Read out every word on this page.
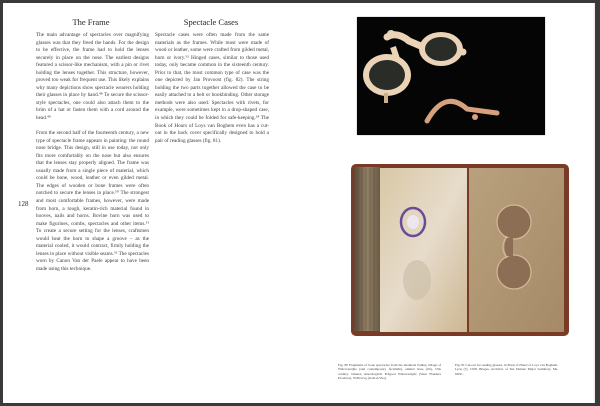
The Frame

The main advantage of spectacles over magnifying glasses was that they freed the hands. For the design to be effective, the frame had to hold the lenses securely in place on the nose. The earliest designs featured a scissor-like mechanism, with a pin or rivet holding the lenses together. This structure, however, proved too weak for frequent use. This likely explains why many depictions show spectacle wearers holding their glasses in place by hand.⁴⁸ To secure the scissor-style spectacles, one could also attach them to the brim of a hat or fasten them with a cord around the head.⁴⁹

From the second half of the fourteenth century, a new type of spectacle frame appears in painting: the round nose bridge. This design, still in use today, not only fits more comfortably on the nose but also ensures that the lenses stay properly aligned. The frame was usually made from a single piece of material, which could be bone, wood, leather or even gilded metal. The edges of wooden or bone frames were often notched to secure the lenses in place.⁵⁰ The strongest and most comfortable frames, however, were made from horn, a tough, keratin-rich material found in hooves, nails and horns. Bovine horn was used to make figurines, combs, spectacles and other items.⁵¹ To create a secure setting for the lenses, craftsmen would heat the horn to shape a groove – as the material cooled, it would contract, firmly holding the lenses in place without visible seams.⁵² The spectacles worn by Canon Van der Paele appear to have been made using this technique.

128
Spectacle Cases

Spectacle cases were often made from the same materials as the frames. While most were made of wood or leather, some were crafted from gilded metal, horn or ivory.⁵³ Hinged cases, similar to those used today, only became common in the sixteenth century. Prior to that, the most common type of case was the one depicted by Jan Provoost (fig. 82). The string holding the two parts together allowed the case to be easily attached to a belt or bookbinding. Other storage methods were also used. Spectacles with rivets, for example, were sometimes kept in a drop-shaped case, in which they could be folded for safe-keeping.⁵⁴ The Book of Hours of Loys van Boghem even has a cut-out in the back cover specifically designed to hold a pair of reading glasses (fig. 81).

Fig. 80 Fragments of bone spectacles from the medieval fishing village of Walraversijde (and contemporary facsimile), animal bone (rib), 15th century. Ostend, Arkeologisch Erfgoed Walraversijde (West Flanders Province), W.Bvsvvg (GalLA/Vua).
Fig. 81 Cut-out for reading glasses, in Book of Hours of Loys van Boghem, Lyon (?), 1508. Bruges, Archives of Ten Duinen Major Seminary, Ms. 66/91.
